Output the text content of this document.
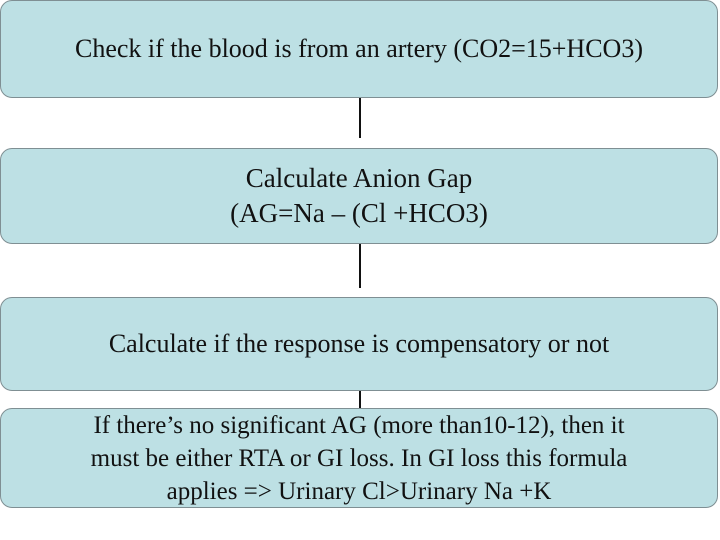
Check if the blood is from an artery (CO2=15+HCO3)
Calculate Anion Gap
(AG=Na – (Cl +HCO3)
Calculate if the response is compensatory or not
If there’s no significant AG (more than10-12), then it
must be either RTA or GI loss. In GI loss this formula
applies => Urinary Cl>Urinary Na +K
